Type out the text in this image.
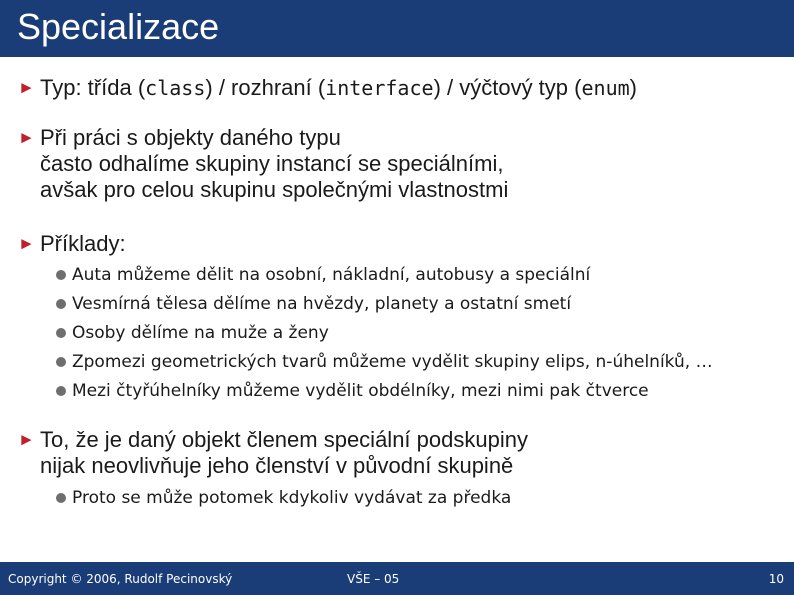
Specializace
► Typ: třída (class) / rozhraní (interface) / výčtový typ (enum)
► Při práci s objekty daného typu
často odhalíme skupiny instancí se speciálními,
avšak pro celou skupinu společnými vlastnostmi
► Příklady:
Auta můžeme dělit na osobní, nákladní, autobusy a speciální
Vesmírná tělesa dělíme na hvězdy, planety a ostatní smetí
Osoby dělíme na muže a ženy
Zpomezi geometrických tvarů můžeme vydělit skupiny elips, n-úhelníků, …
Mezi čtyřúhelníky můžeme vydělit obdélníky, mezi nimi pak čtverce
► To, že je daný objekt členem speciální podskupiny
nijak neovlivňuje jeho členství v původní skupině
Proto se může potomek kdykoliv vydávat za předka
Copyright © 2006, Rudolf Pecinovský	VŠE – 05	10
